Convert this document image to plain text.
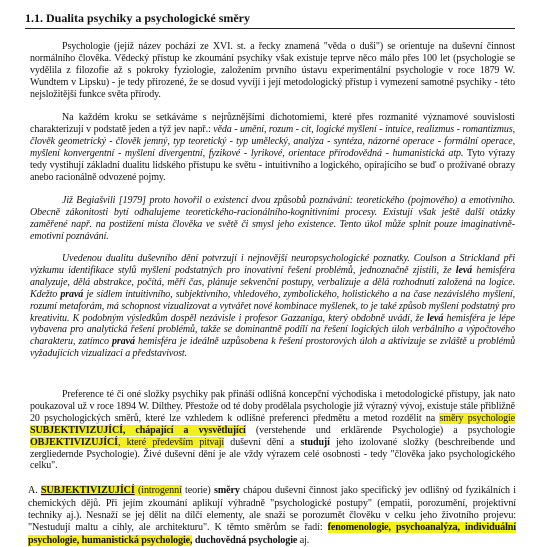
1.1. Dualita psychiky a psychologické směry

Psychologie (jejíž název pochází ze XVI. st. a řecky znamená "věda o duši") se orientuje na duševní činnost normálního člověka. Vědecký přístup ke zkoumání psychiky však existuje teprve něco málo přes 100 let (psychologie se vydělila z filozofie až s pokroky fyziologie, založením prvního ústavu experimentální psychologie v roce 1879 W. Wundtem v Lipsku) - je tedy přirozené, že se dosud vyvíjí i její metodologický přístup i vymezení samotné psychiky - této nejsložitější funkce světa přírody.

Na každém kroku se setkáváme s nejrůznějšími dichotomiemi, které přes rozmanité významové souvislosti charakterizují v podstatě jeden a týž jev např.: věda - umění, rozum - cit, logické myšlení - intuice, realizmus - romantizmus, člověk geometrický - člověk jemný, typ teoretický - typ umělecký, analýza - syntéza, názorné operace - formální operace, myšlení konvergentní - myšlení divergentní, fyzikové - lyrikové, orientace přírodovědná - humanistická atp. Tyto výrazy tedy vystihují základní dualitu lidského přístupu ke světu - intuitivního a logického, opírajícího se buď o prožívané obrazy anebo racionálně odvozené pojmy.

Již Begiašvili [1979] proto hovořil o existenci dvou způsobů poznávání: teoretického (pojmového) a emotivního. Obecně zákonitosti bytí odhalujeme teoretického-racionálního-kognitivními procesy. Existují však ještě další otázky zaměřené např. na postižení místa člověka ve světě či smysl jeho existence. Tento úkol může splnit pouze imaginativně-emotivní poznávání.

Uvedenou dualitu duševního dění potvrzují i nejnovější neuropsychologické poznatky. Coulson a Strickland při výzkumu identifikace stylů myšlení podstatných pro inovativní řešení problémů, jednoznačně zjistili, že levá hemisféra analyzuje, dělá abstrakce, počítá, měří čas, plánuje sekvenční postupy, verbalizuje a dělá rozhodnutí založená na logice. Kdežto pravá je sídlem intuitivního, subjektivního, vhledového, zymbolického, holistického a na čase nezávislého myšlení, rozumí metaforám, má schopnost vizualizovat a vytvářet nové kombinace myšlenek, to je také způsob myšlení podstatný pro kreativitu. K podobným výsledkům dospěl nezávisle i profesor Gazzaniga, který obdobně uvádí, že levá hemisféra je lépe vybavena pro analytická řešení problémů, takže se dominantně podílí na řešení logických úloh verbálního a výpočtového charakteru, zatímco pravá hemisféra je ideálně uzpůsobena k řešení prostorových úloh a aktivizuje se zvláště u problémů vyžadujících vizualizaci a představivost.

Preference té či oné složky psychiky pak přináší odlišná koncepční východiska i metodologické přístupy, jak nato poukazoval už v roce 1894 W. Dilthey. Přestože od té doby prodělala psychologie již výrazný vývoj, existuje stále přibližně 20 psychologických směrů, které lze vzhledem k odlišné preferenci předmětu a metod rozdělit na směry psychologie SUBJEKTIVIZUJÍCÍ, chápající a vysvětlující (verstehende und erklärende Psychologie) a psychologie OBJEKTIVIZUJÍCÍ, které především pitvají duševní dění a studují jeho izolované složky (beschreibende und zergliedernde Psychologie). Živé duševní dění je ale vždy výrazem celé osobnosti - tedy "člověka jako psychologického celku".

A. SUBJEKTIVIZUJÍCÍ (introgenní teorie) směry chápou duševní činnost jako specifický jev odlišný od fyzikálních i chemických dějů. Při jejím zkoumání aplikují výhradně "psychologické postupy" (empatii, porozumění, projektivní techniky aj.). Nesnaží se jej dělit na dílčí elementy, ale snaží se porozumět člověku v celku jeho životního projevu: "Nestudují maltu a cihly, ale architekturu". K těmto směrům se řadí: fenomenologie, psychoanalýza, individuální psychologie, humanistická psychologie, duchovědná psychologie aj.
